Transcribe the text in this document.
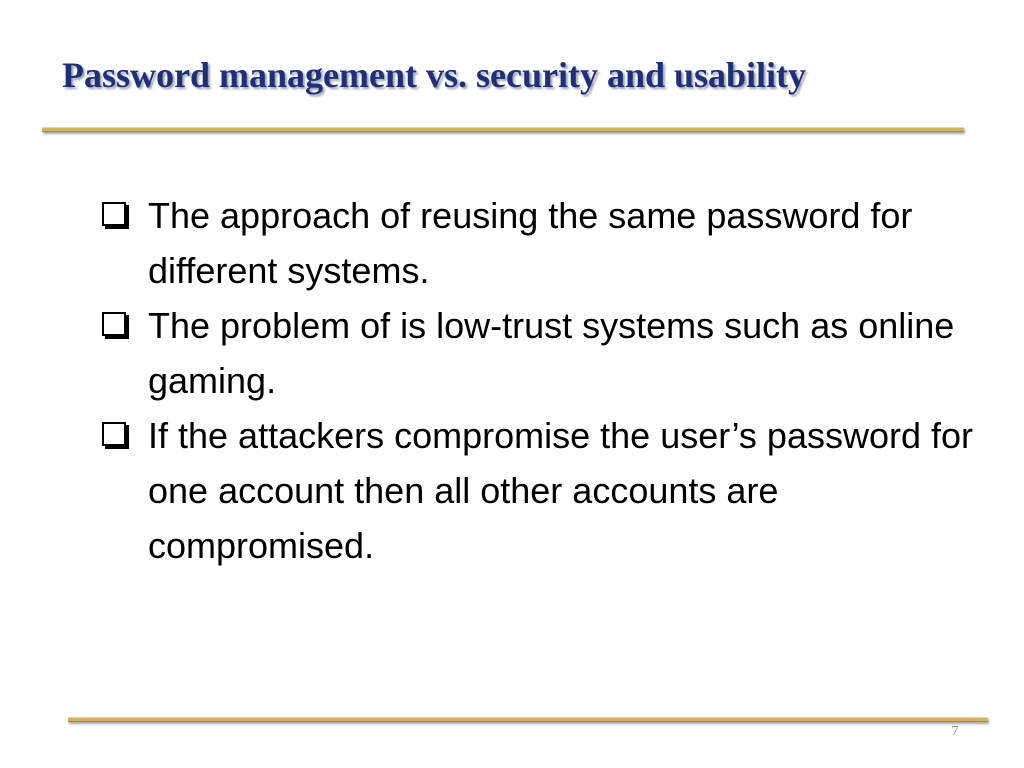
Password management vs. security and usability
The approach of reusing the same password for different systems.
The problem of is low-trust systems such as online gaming.
If the attackers compromise the user’s password for one account then all other accounts are compromised.
7
